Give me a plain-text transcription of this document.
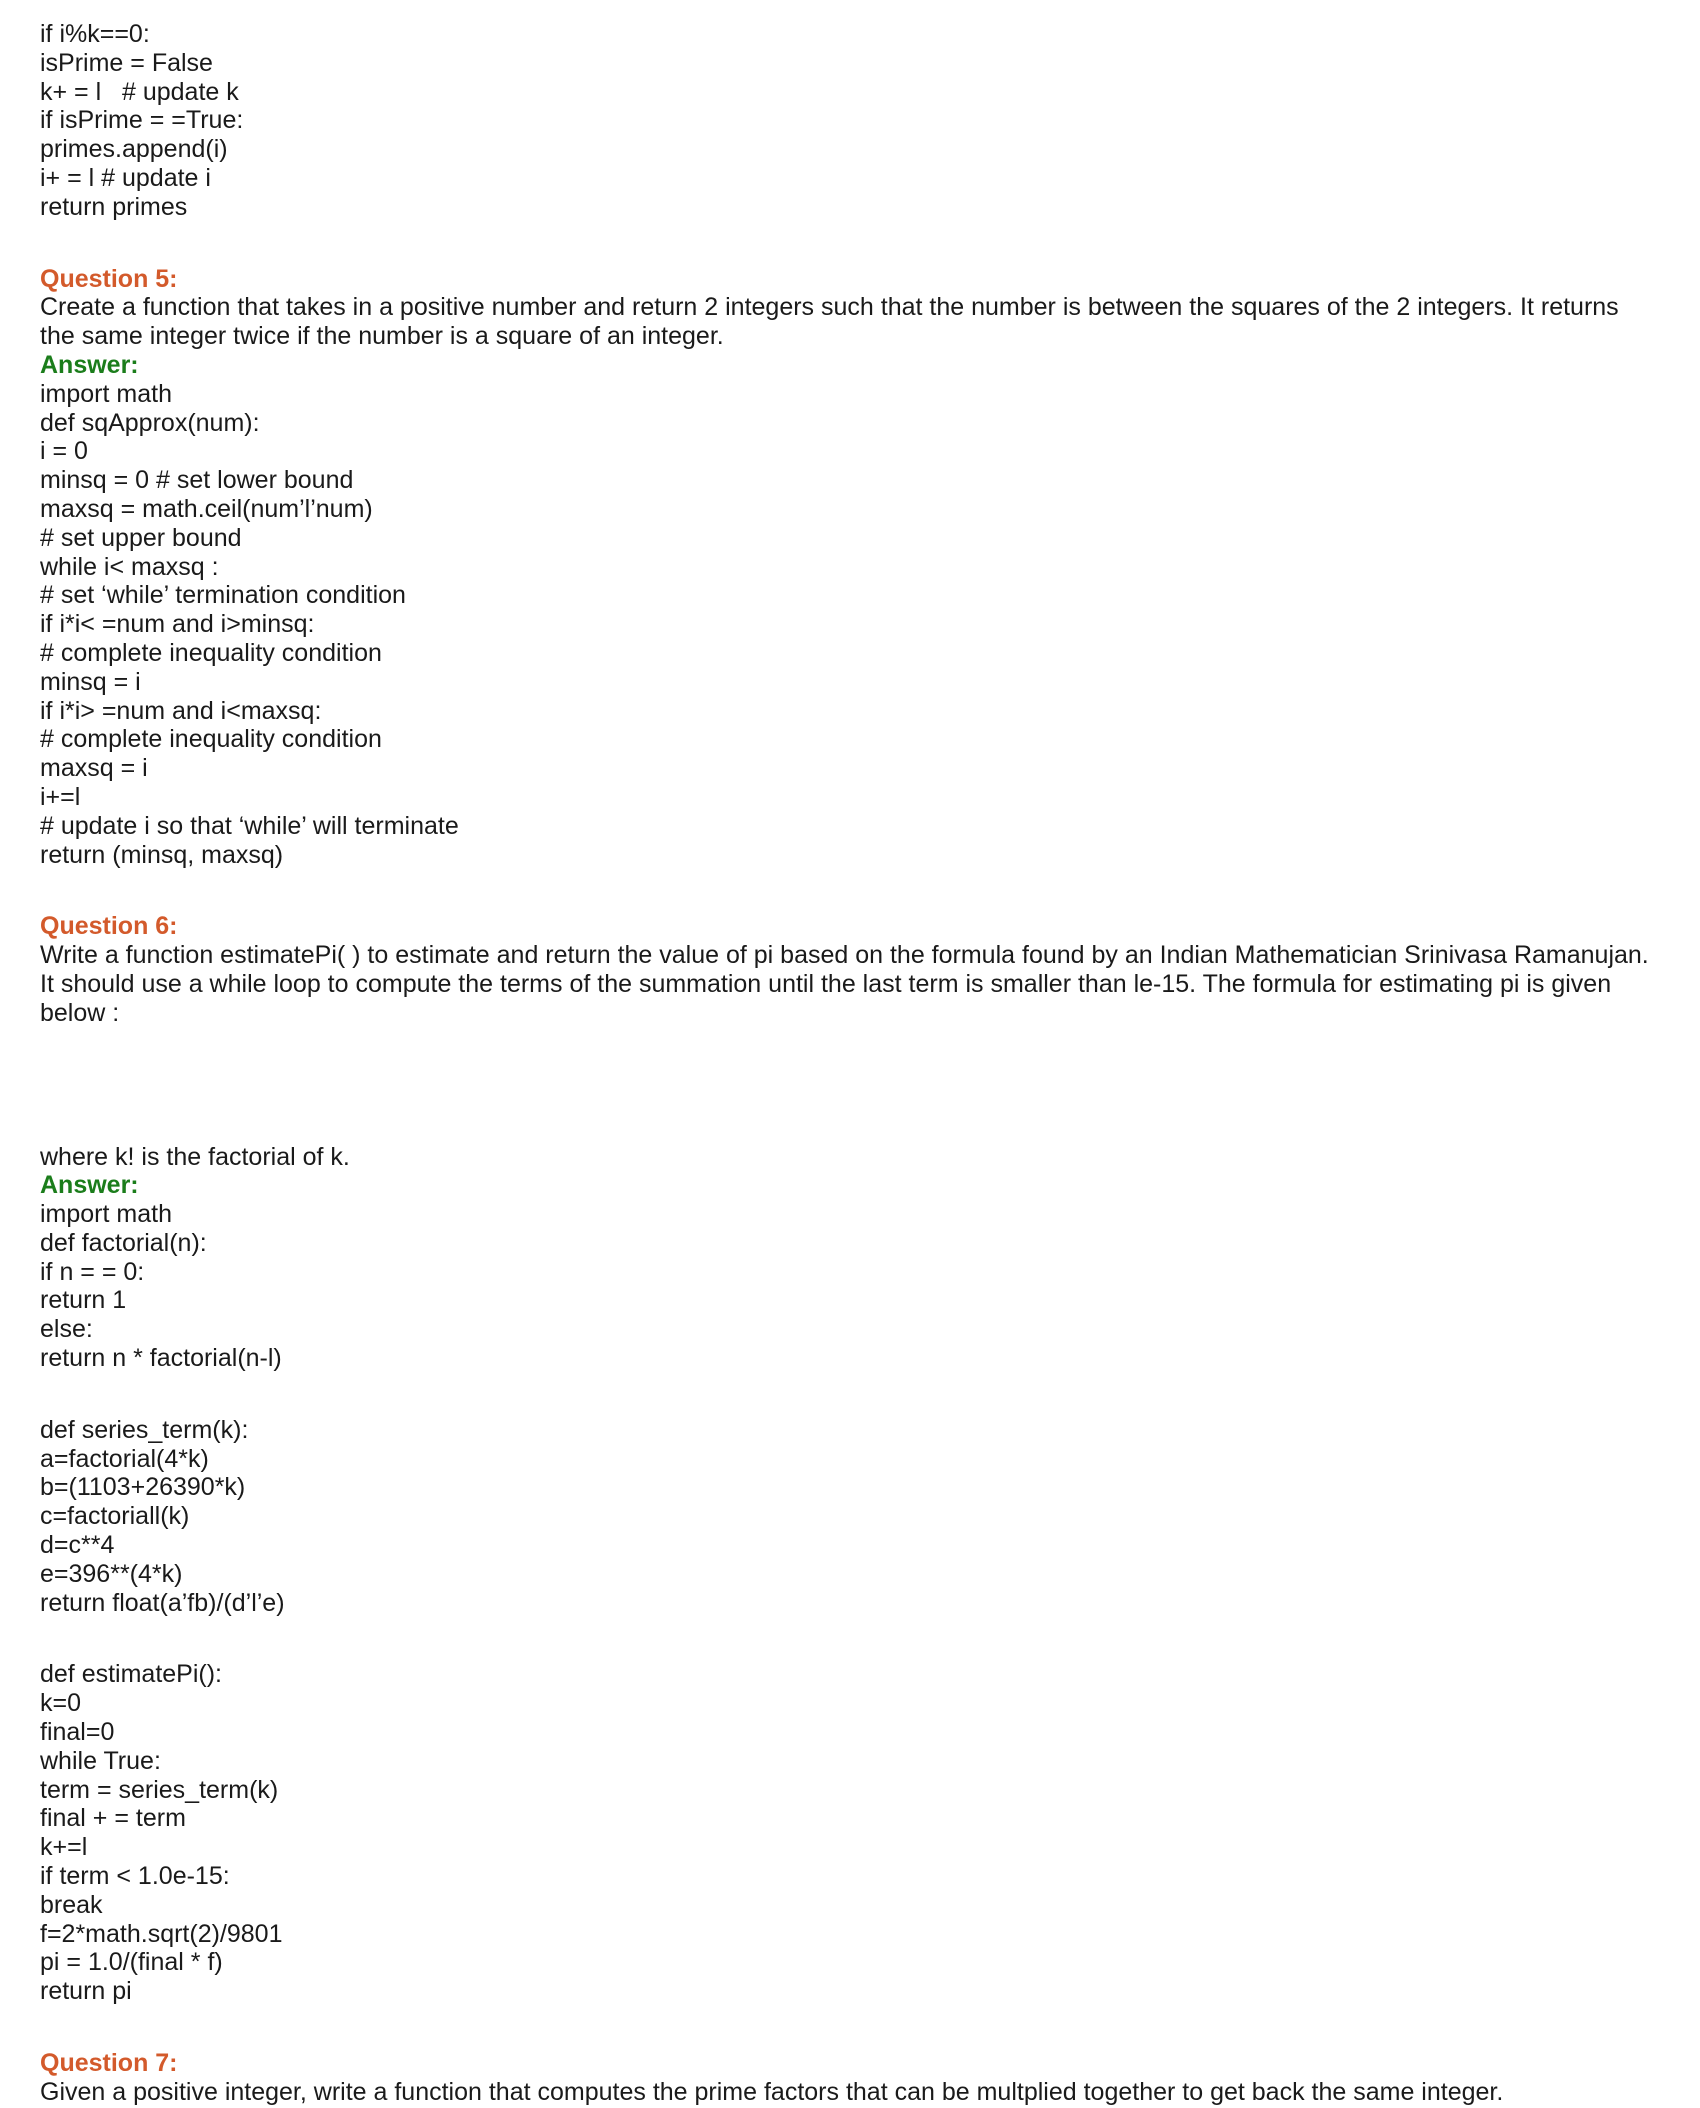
if i%k==0:
isPrime = False
k+ = l   # update k
if isPrime = =True:
primes.append(i)
i+ = l # update i
return primes
Question 5:
Create a function that takes in a positive number and return 2 integers such that the number is between the squares of the 2 integers. It returns the same integer twice if the number is a square of an integer.
Answer:
import math
def sqApprox(num):
i = 0
minsq = 0 # set lower bound
maxsq = math.ceil(num’l’num)
# set upper bound
while i< maxsq :
# set ‘while’ termination condition
if i*i< =num and i>minsq:
# complete inequality condition
minsq = i
if i*i> =num and i<maxsq:
# complete inequality condition
maxsq = i
i+=l
# update i so that ‘while’ will terminate
return (minsq, maxsq)
Question 6:
Write a function estimatePi( ) to estimate and return the value of pi based on the formula found by an Indian Mathematician Srinivasa Ramanujan. It should use a while loop to compute the terms of the summation until the last term is smaller than le-15. The formula for estimating pi is given below :
where k! is the factorial of k.
Answer:
import math
def factorial(n):
if n = = 0:
return 1
else:
return n * factorial(n-l)
def series_term(k):
a=factorial(4*k)
b=(1103+26390*k)
c=factoriall(k)
d=c**4
e=396**(4*k)
return float(a’fb)/(d’l’e)
def estimatePi():
k=0
final=0
while True:
term = series_term(k)
final + = term
k+=l
if term < 1.0e-15:
break
f=2*math.sqrt(2)/9801
pi = 1.0/(final * f)
return pi
Question 7:
Given a positive integer, write a function that computes the prime factors that can be multplied together to get back the same integer.
